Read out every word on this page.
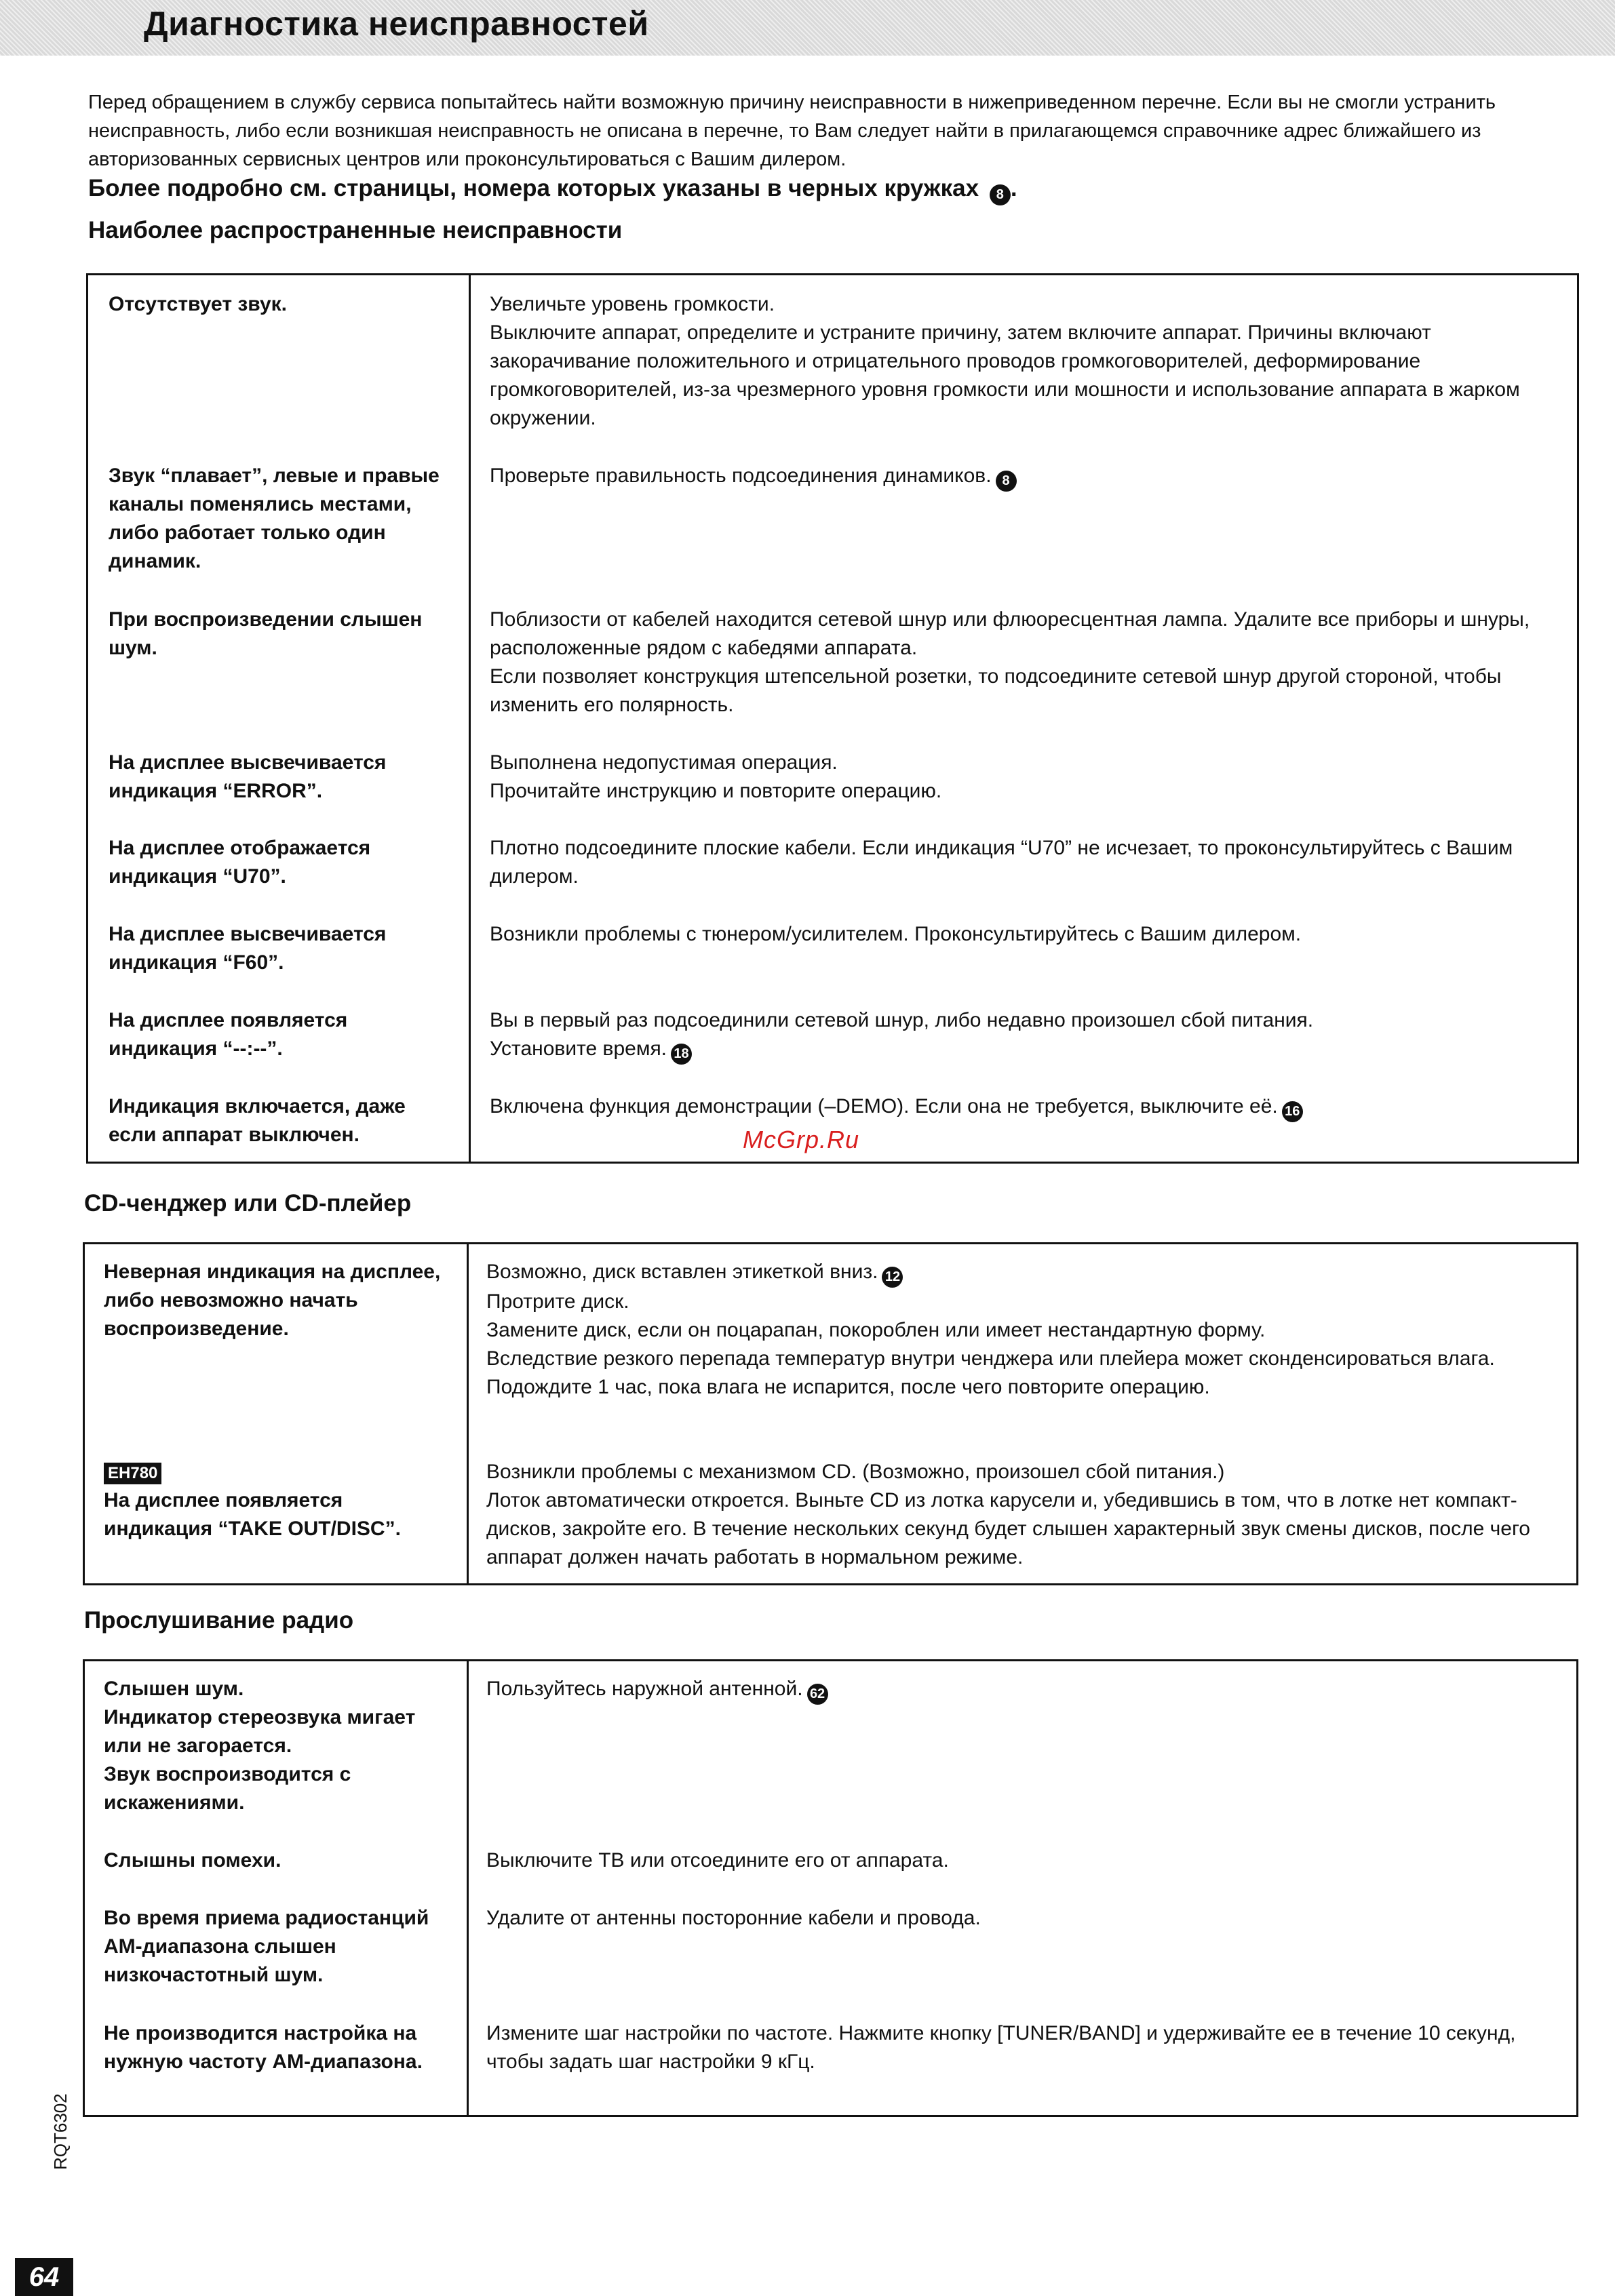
Диагностика неисправностей

Перед обращением в службу сервиса попытайтесь найти возможную причину неисправности в нижеприведенном перечне. Если вы не смогли устранить неисправность, либо если возникшая неисправность не описана в перечне, то Вам следует найти в прилагающемся справочнике адрес ближайшего из авторизованных сервисных центров или проконсультироваться с Вашим дилером.

Более подробно см. страницы, номера которых указаны в черных кружках 8 .

Наиболее распространенные неисправности
Отсутствует звук.	Увеличьте уровень громкости.
Выключите аппарат, определите и устраните причину, затем включите аппарат. Причины включают закорачивание положительного и отрицательного проводов громкоговорителей, деформирование громкоговорителей, из-за чрезмерного уровня громкости или мошности и использование аппарата в жарком окружении.
Звук “плавает”, левые и правые каналы поменялись местами, либо работает только один динамик.
Проверьте правильность подсоединения динамиков. 8
При воспроизведении слышен шум.
Поблизости от кабелей находится сетевой шнур или флюоресцентная лампа. Удалите все приборы и шнуры, расположенные рядом с кабедями аппарата.
Если позволяет конструкция штепсельной розетки, то подсоедините сетевой шнур другой стороной, чтобы изменить его полярность.
На дисплее высвечивается индикация “ERROR”.
Выполнена недопустимая операция.
Прочитайте инструкцию и повторите операцию.
На дисплее отображается индикация “U70”.
Плотно подсоедините плоские кабели. Если индикация “U70” не исчезает, то проконсультируйтесь с Вашим дилером.
На дисплее высвечивается индикация “F60”.
Возникли проблемы с тюнером/усилителем. Проконсультируйтесь с Вашим дилером.
На дисплее появляется индикация “--:--”.
Вы в первый раз подсоединили сетевой шнур, либо недавно произошел сбой питания.
Установите время. 18
Индикация включается, даже если аппарат выключен.
Включена функция демонстрации (–DEMO). Если она не требуется, выключите её. 16
McGrp.Ru
CD-ченджер или CD-плейер
Неверная индикация на дисплее, либо невозможно начать воспроизведение.
Возможно, диск вставлен этикеткой вниз. 12
Протрите диск.
Замените диск, если он поцарапан, покороблен или имеет нестандартную форму.
Вследствие резкого перепада температур внутри ченджера или плейера может сконденсироваться влага.
Подождите 1 час, пока влага не испарится, после чего повторите операцию.
EH780
На дисплее появляется индикация “TAKE OUT/DISC”.
Возникли проблемы с механизмом CD. (Возможно, произошел сбой питания.)
Лоток автоматически откроется. Выньте CD из лотка карусели и, убедившись в том, что в лотке нет компакт-дисков, закройте его. В течение нескольких секунд будет слышен характерный звук смены дисков, после чего аппарат должен начать работать в нормальном режиме.
Прослушивание радио
Слышен шум.
Индикатор стереозвука мигает или не загорается.
Звук воспроизводится с искажениями.
Пользуйтесь наружной антенной. 62
Слышны помехи.	Выключите ТВ или отсоедините его от аппарата.
Во время приема радиостанций АМ-диапазона слышен низкочастотный шум.
Удалите от антенны посторонние кабели и провода.
Не производится настройка на нужную частоту АМ-диапазона.
Измените шаг настройки по частоте. Нажмите кнопку [TUNER/BAND] и удерживайте ее в течение 10 секунд, чтобы задать шаг настройки 9 кГц.
RQT6302
64
